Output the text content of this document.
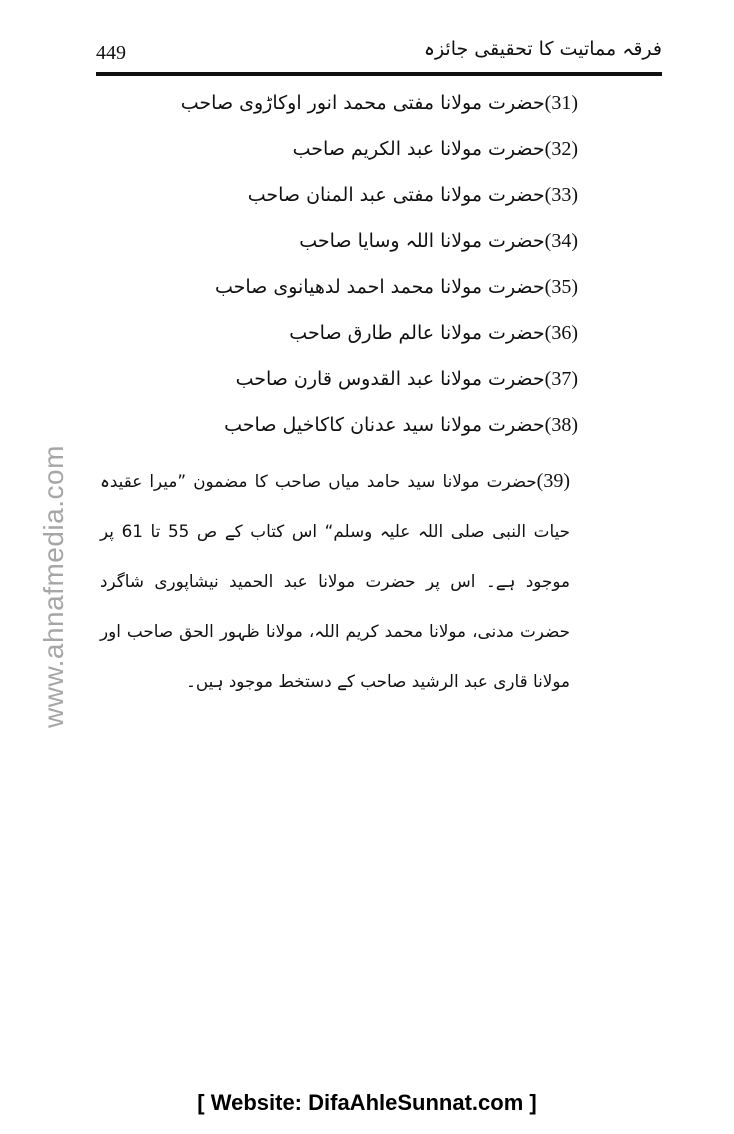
449	فرقہ مماتیت کا تحقیقی جائزہ
(31)حضرت مولانا مفتی محمد انور اوکاڑوی صاحب
(32)حضرت مولانا عبد الکریم صاحب
(33)حضرت مولانا مفتی عبد المنان صاحب
(34)حضرت مولانا اللہ وسایا صاحب
(35)حضرت مولانا محمد احمد لدھیانوی صاحب
(36)حضرت مولانا عالم طارق صاحب
(37)حضرت مولانا عبد القدوس قارن صاحب
(38)حضرت مولانا سید عدنان کاکاخیل صاحب

(39)حضرت مولانا سید حامد میاں صاحب کا مضمون ”میرا عقیدہ حیات النبی صلی اللہ علیہ وسلم“ اس کتاب کے ص 55 تا 61 پر موجود ہے۔ اس پر حضرت مولانا عبد الحمید نیشاپوری شاگرد حضرت مدنی، مولانا محمد کریم اللہ، مولانا ظہور الحق صاحب اور مولانا قاری عبد الرشید صاحب کے دستخط موجود ہیں۔

www.ahnafmedia.com
[ Website: DifaAhleSunnat.com ]
